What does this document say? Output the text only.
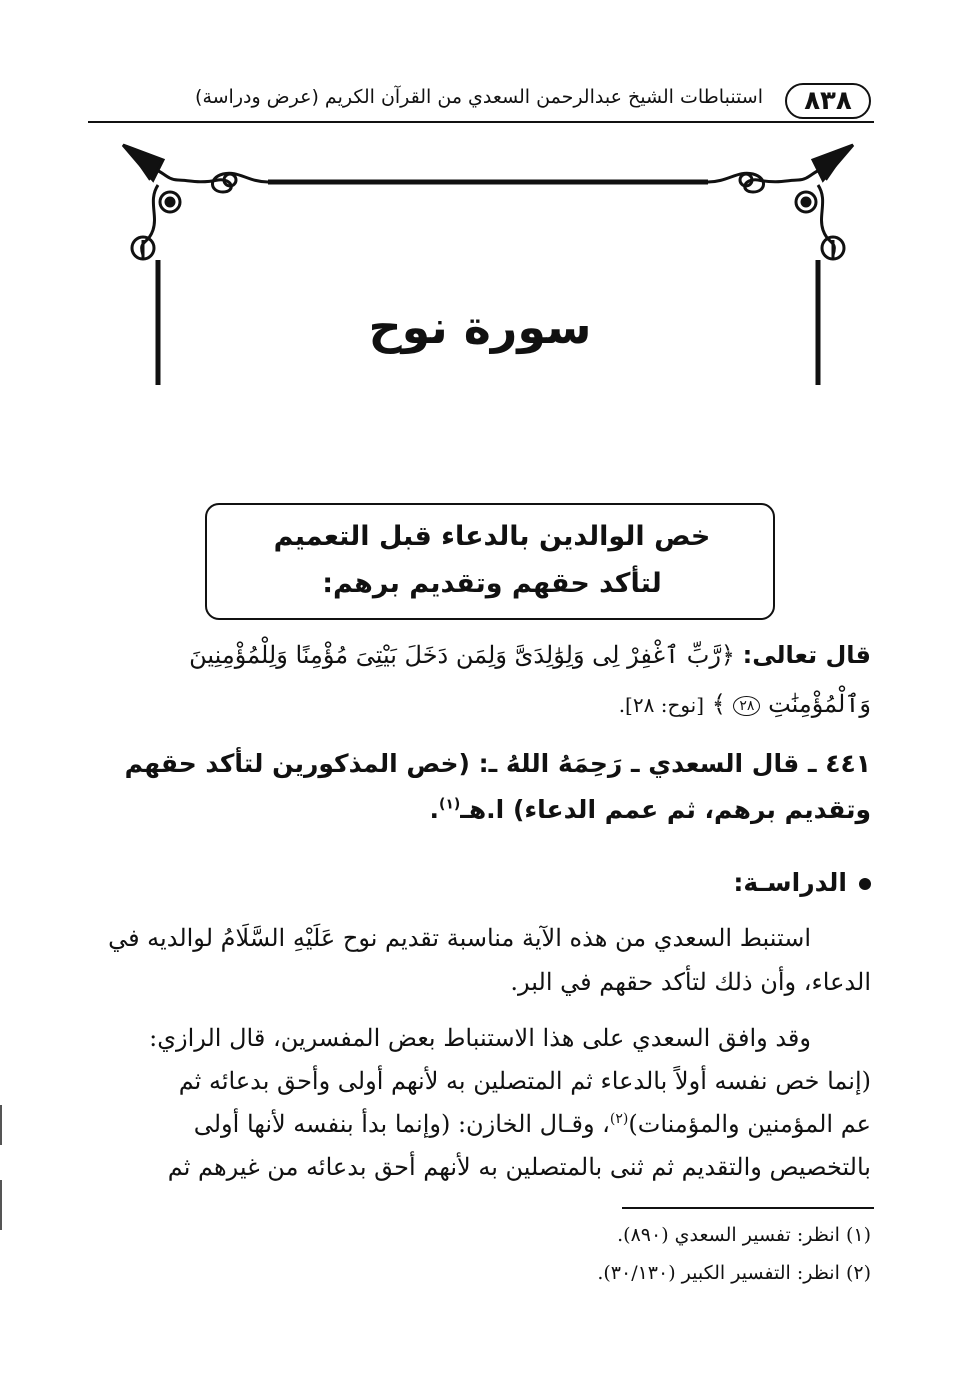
٨٣٨
استنباطات الشيخ عبدالرحمن السعدي من القرآن الكريم (عرض ودراسة)
سورة نوح
خص الوالدين بالدعاء قبل التعميم
لتأكد حقهم وتقديم برهم:
قال تعالى: ﴿رَّبِّ ٱغْفِرْ لِى وَلِوَٰلِدَىَّ وَلِمَن دَخَلَ بَيْتِىَ مُؤْمِنًا وَلِلْمُؤْمِنِينَ
وَٱلْمُؤْمِنَٰتِ ٢٨ ﴾ [نوح: ٢٨].
٤٤١ ـ قال السعدي ـ رَحِمَهُ اللهُ ـ: (خص المذكورين لتأكد حقهم
وتقديم برهم، ثم عمم الدعاء) ا.هـ$^{(١)}$.
الدراسـة:
استنبط السعدي من هذه الآية مناسبة تقديم نوح عَلَيْهِ السَّلَامُ لوالديه في
الدعاء، وأن ذلك لتأكد حقهم في البر.
وقد وافق السعدي على هذا الاستنباط بعض المفسرين، قال الرازي:
(إنما خص نفسه أولاً بالدعاء ثم المتصلين به لأنهم أولى وأحق بدعائه ثم
عم المؤمنين والمؤمنات)$^{(٢)}$، وقـال الخازن: (وإنما بدأ بنفسه لأنها أولى
بالتخصيص والتقديم ثم ثنى بالمتصلين به لأنهم أحق بدعائه من غيرهم ثم
(١) انظر: تفسير السعدي (٨٩٠).
(٢) انظر: التفسير الكبير (٣٠/١٣٠).
